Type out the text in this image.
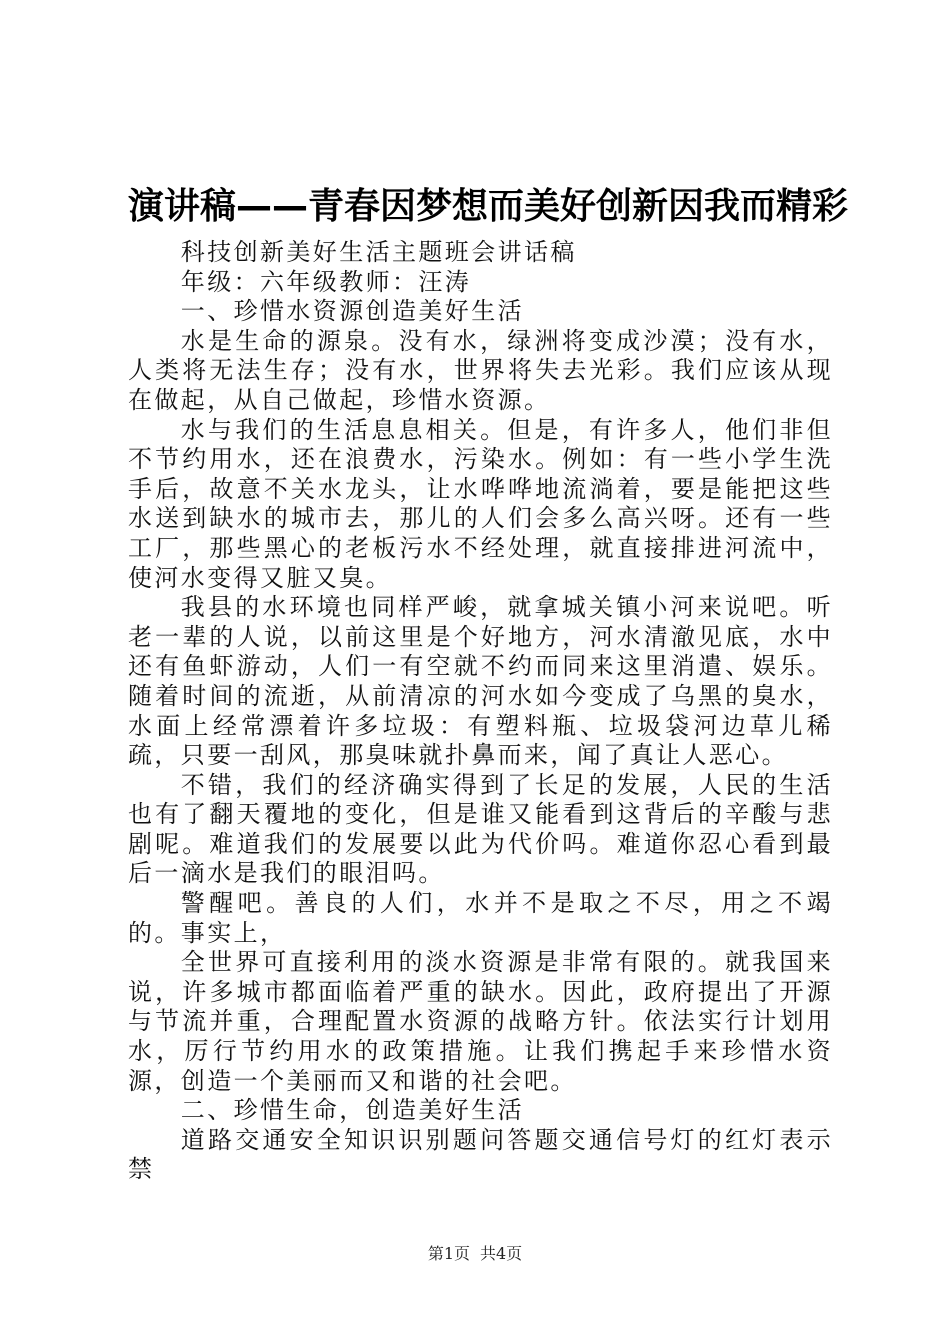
演讲稿——青春因梦想而美好创新因我而精彩

科技创新美好生活主题班会讲话稿

年级：六年级教师：汪涛

一、珍惜水资源创造美好生活

水是生命的源泉。没有水，绿洲将变成沙漠；没有水，人类将无法生存；没有水，世界将失去光彩。我们应该从现在做起，从自己做起，珍惜水资源。

水与我们的生活息息相关。但是，有许多人，他们非但不节约用水，还在浪费水，污染水。例如：有一些小学生洗手后，故意不关水龙头，让水哗哗地流淌着，要是能把这些水送到缺水的城市去，那儿的人们会多么高兴呀。还有一些工厂，那些黑心的老板污水不经处理，就直接排进河流中，使河水变得又脏又臭。

我县的水环境也同样严峻，就拿城关镇小河来说吧。听老一辈的人说，以前这里是个好地方，河水清澈见底，水中还有鱼虾游动，人们一有空就不约而同来这里消遣、娱乐。随着时间的流逝，从前清凉的河水如今变成了乌黑的臭水，水面上经常漂着许多垃圾：有塑料瓶、垃圾袋河边草儿稀疏，只要一刮风，那臭味就扑鼻而来，闻了真让人恶心。

不错，我们的经济确实得到了长足的发展，人民的生活也有了翻天覆地的变化，但是谁又能看到这背后的辛酸与悲剧呢。难道我们的发展要以此为代价吗。难道你忍心看到最后一滴水是我们的眼泪吗。

警醒吧。善良的人们，水并不是取之不尽，用之不竭的。事实上，

全世界可直接利用的淡水资源是非常有限的。就我国来说，许多城市都面临着严重的缺水。因此，政府提出了开源与节流并重，合理配置水资源的战略方针。依法实行计划用水，厉行节约用水的政策措施。让我们携起手来珍惜水资源，创造一个美丽而又和谐的社会吧。

二、珍惜生命，创造美好生活

道路交通安全知识识别题问答题交通信号灯的红灯表示禁

第1页 共4页
